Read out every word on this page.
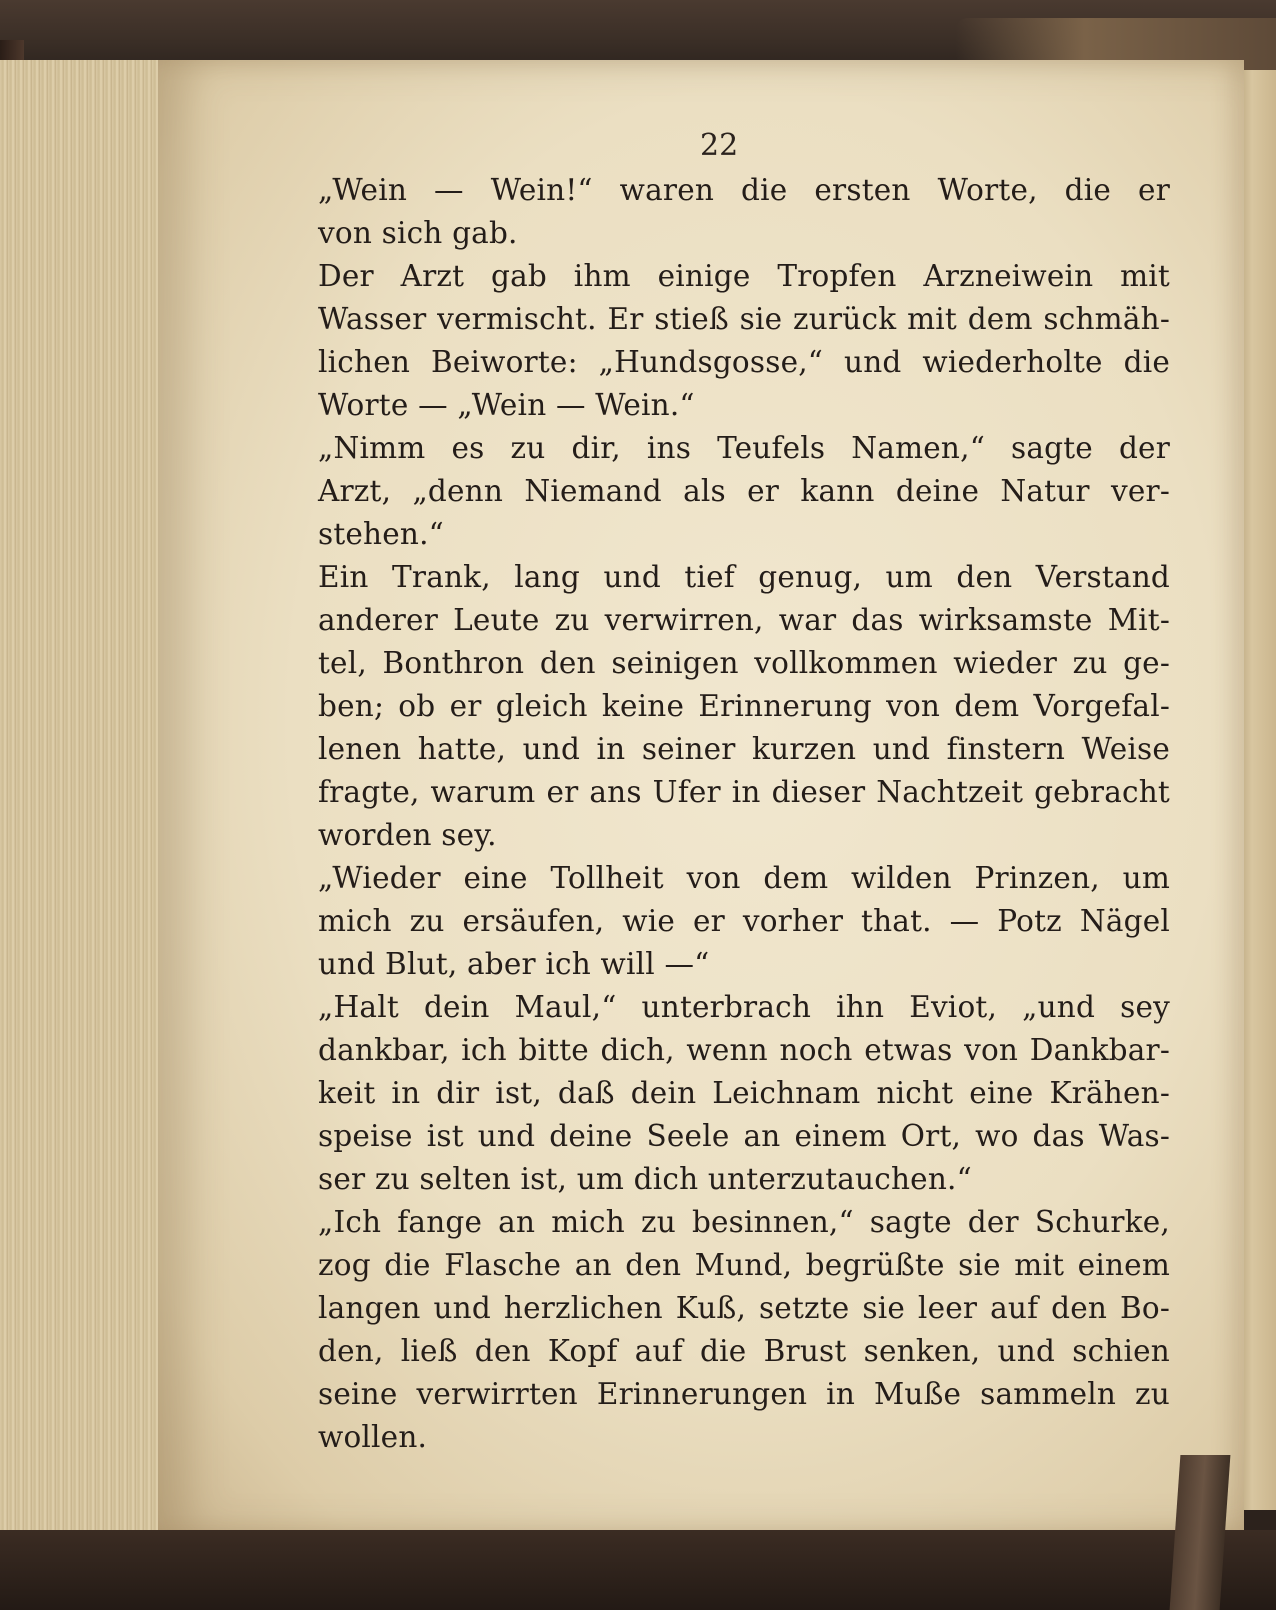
22
„Wein — Wein!“ waren die ersten Worte, die er
von sich gab.
Der Arzt gab ihm einige Tropfen Arzneiwein mit
Wasser vermischt. Er stieß sie zurück mit dem schmäh-
lichen Beiworte: „Hundsgosse,“ und wiederholte die
Worte — „Wein — Wein.“
„Nimm es zu dir, ins Teufels Namen,“ sagte der
Arzt, „denn Niemand als er kann deine Natur ver-
stehen.“
Ein Trank, lang und tief genug, um den Verstand
anderer Leute zu verwirren, war das wirksamste Mit-
tel, Bonthron den seinigen vollkommen wieder zu ge-
ben; ob er gleich keine Erinnerung von dem Vorgefal-
lenen hatte, und in seiner kurzen und finstern Weise
fragte, warum er ans Ufer in dieser Nachtzeit gebracht
worden sey.
„Wieder eine Tollheit von dem wilden Prinzen, um
mich zu ersäufen, wie er vorher that. — Potz Nägel
und Blut, aber ich will —“
„Halt dein Maul,“ unterbrach ihn Eviot, „und sey
dankbar, ich bitte dich, wenn noch etwas von Dankbar-
keit in dir ist, daß dein Leichnam nicht eine Krähen-
speise ist und deine Seele an einem Ort, wo das Was-
ser zu selten ist, um dich unterzutauchen.“
„Ich fange an mich zu besinnen,“ sagte der Schurke,
zog die Flasche an den Mund, begrüßte sie mit einem
langen und herzlichen Kuß, setzte sie leer auf den Bo-
den, ließ den Kopf auf die Brust senken, und schien
seine verwirrten Erinnerungen in Muße sammeln zu
wollen.
